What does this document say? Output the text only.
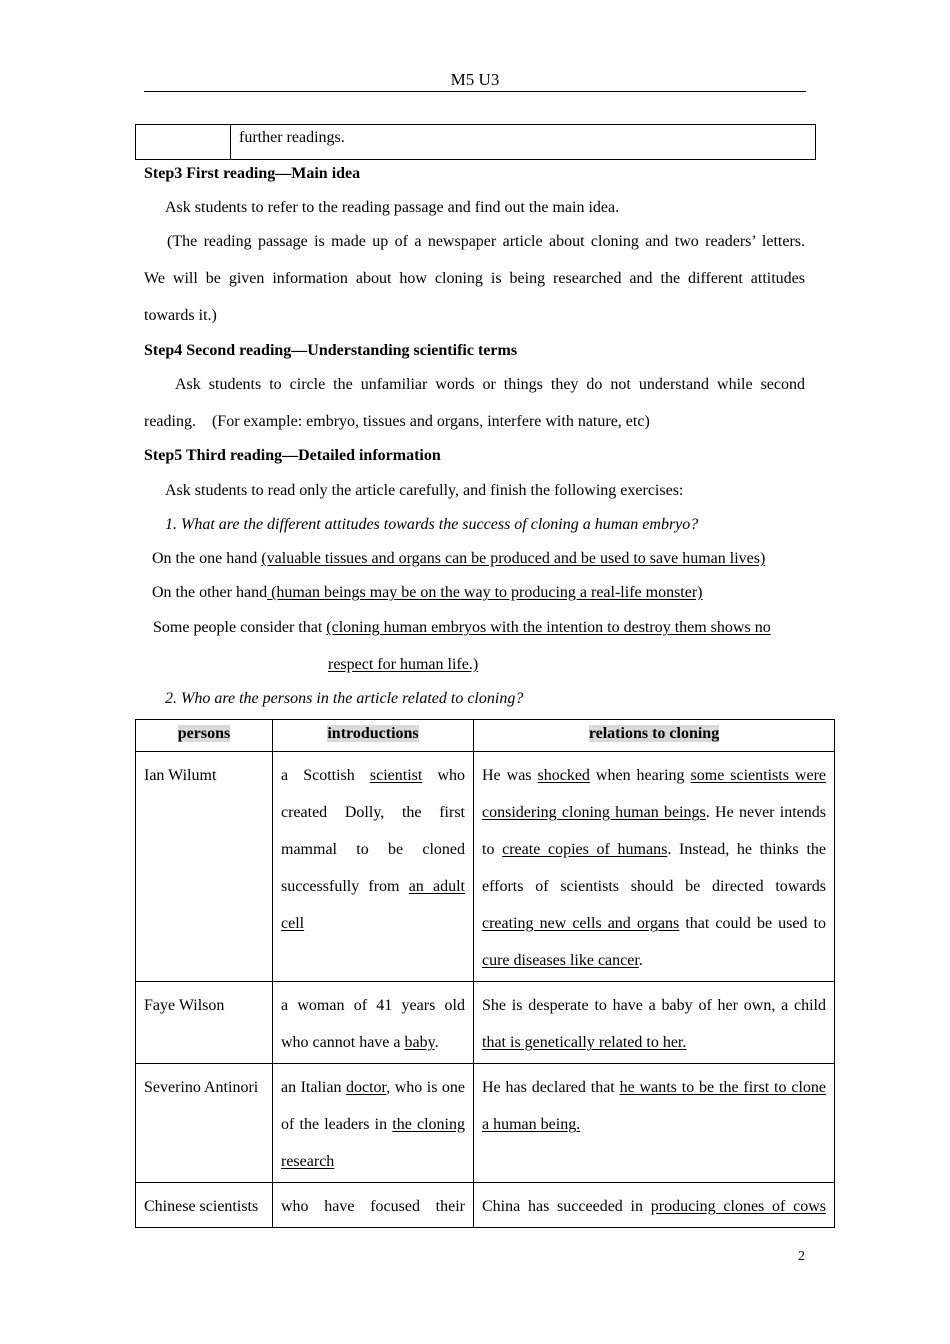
M5 U3
	further readings.
Step3 First reading—Main idea
Ask students to refer to the reading passage and find out the main idea.
(The reading passage is made up of a newspaper article about cloning and two readers’ letters.
We will be given information about how cloning is being researched and the different attitudes
towards it.)
Step4 Second reading—Understanding scientific terms
Ask students to circle the unfamiliar words or things they do not understand while second
reading.    (For example: embryo, tissues and organs, interfere with nature, etc)
Step5 Third reading—Detailed information
Ask students to read only the article carefully, and finish the following exercises:
1. What are the different attitudes towards the success of cloning a human embryo?
On the one hand (valuable tissues and organs can be produced and be used to save human lives)
On the other hand (human beings may be on the way to producing a real-life monster)
Some people consider that (cloning human embryos with the intention to destroy them shows no
respect for human life.)
2. Who are the persons in the article related to cloning?
persons	introductions	relations to cloning
Ian Wilumt	a Scottish scientist who created Dolly, the first mammal to be cloned successfully from an adult cell	He was shocked when hearing some scientists were considering cloning human beings. He never intends to create copies of humans. Instead, he thinks the efforts of scientists should be directed towards creating new cells and organs that could be used to cure diseases like cancer.
Faye Wilson	a woman of 41 years old who cannot have a baby.	She is desperate to have a baby of her own, a child that is genetically related to her.
Severino Antinori	an Italian doctor, who is one of the leaders in the cloning research	He has declared that he wants to be the first to clone a human being.
Chinese scientists	who have focused their	China has succeeded in producing clones of cows
2
